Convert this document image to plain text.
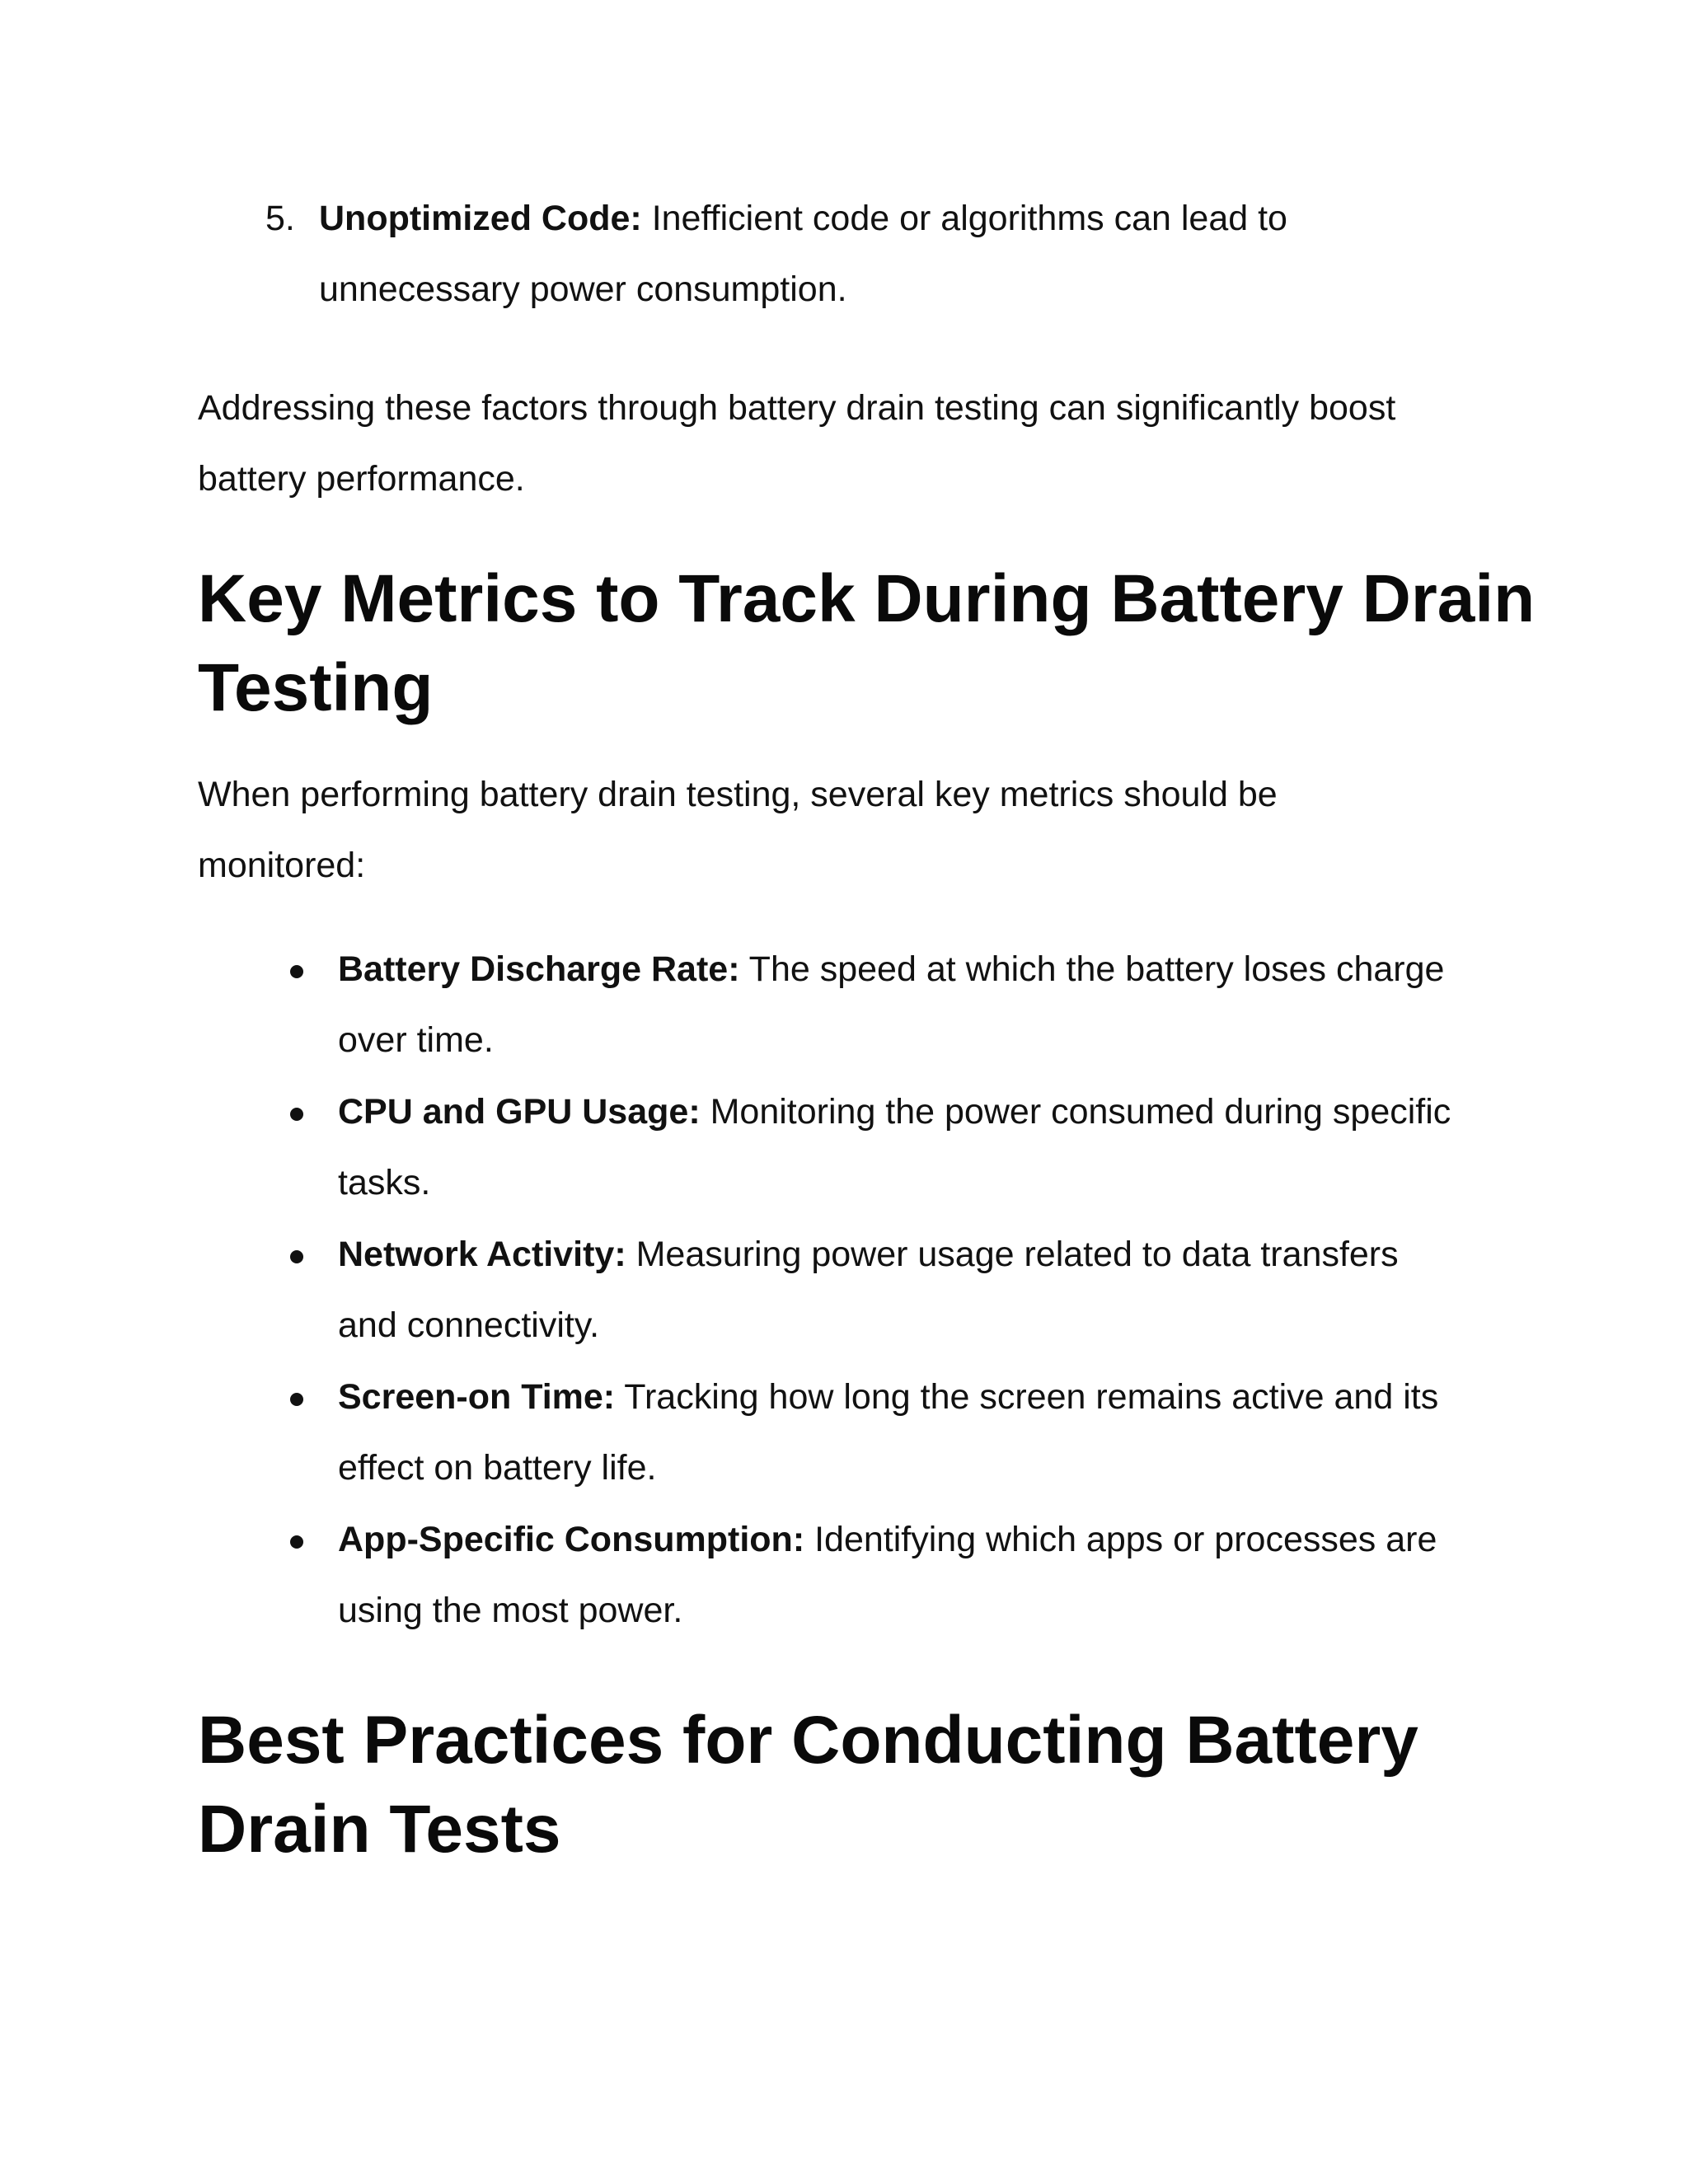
5. Unoptimized Code: Inefficient code or algorithms can lead to
unnecessary power consumption.
Addressing these factors through battery drain testing can significantly boost
battery performance.
Key Metrics to Track During Battery Drain
Testing
When performing battery drain testing, several key metrics should be
monitored:
Battery Discharge Rate: The speed at which the battery loses charge
over time.
CPU and GPU Usage: Monitoring the power consumed during specific
tasks.
Network Activity: Measuring power usage related to data transfers
and connectivity.
Screen-on Time: Tracking how long the screen remains active and its
effect on battery life.
App-Specific Consumption: Identifying which apps or processes are
using the most power.
Best Practices for Conducting Battery
Drain Tests
